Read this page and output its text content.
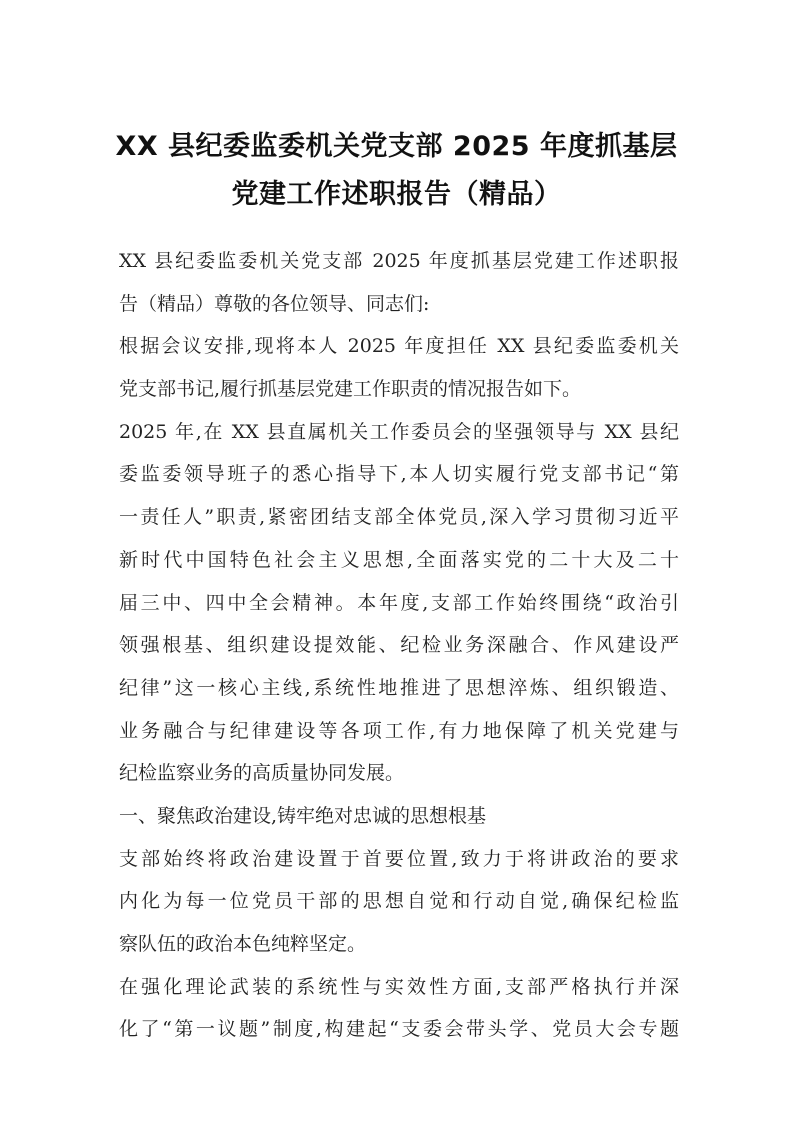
XX 县纪委监委机关党支部 2025 年度抓基层
党建工作述职报告（精品）
XX 县纪委监委机关党支部 2025 年度抓基层党建工作述职报
告（精品）尊敬的各位领导、同志们:
根据会议安排,现将本人 2025 年度担任 XX 县纪委监委机关
党支部书记,履行抓基层党建工作职责的情况报告如下。
2025 年,在 XX 县直属机关工作委员会的坚强领导与 XX 县纪
委监委领导班子的悉心指导下,本人切实履行党支部书记“第
一责任人”职责,紧密团结支部全体党员,深入学习贯彻习近平
新时代中国特色社会主义思想,全面落实党的二十大及二十
届三中、四中全会精神。本年度,支部工作始终围绕“政治引
领强根基、组织建设提效能、纪检业务深融合、作风建设严
纪律”这一核心主线,系统性地推进了思想淬炼、组织锻造、
业务融合与纪律建设等各项工作,有力地保障了机关党建与
纪检监察业务的高质量协同发展。
一、聚焦政治建设,铸牢绝对忠诚的思想根基
支部始终将政治建设置于首要位置,致力于将讲政治的要求
内化为每一位党员干部的思想自觉和行动自觉,确保纪检监
察队伍的政治本色纯粹坚定。
在强化理论武装的系统性与实效性方面,支部严格执行并深
化了“第一议题”制度,构建起“支委会带头学、党员大会专题
